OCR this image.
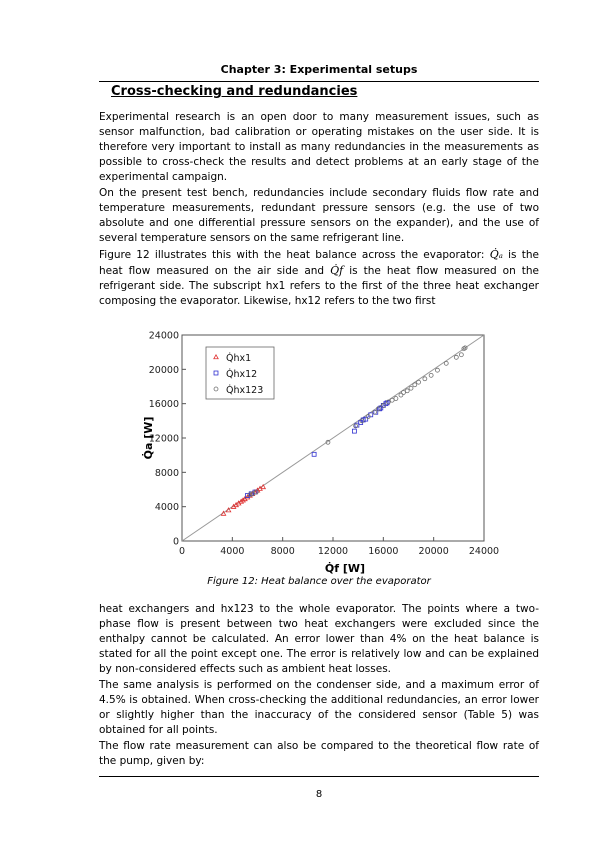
Chapter 3: Experimental setups
Cross-checking and redundancies
Experimental research is an open door to many measurement issues, such as sensor malfunction, bad calibration or operating mistakes on the user side. It is therefore very important to install as many redundancies in the measurements as possible to cross-check the results and detect problems at an early stage of the experimental campaign.
On the present test bench, redundancies include secondary fluids flow rate and temperature measurements, redundant pressure sensors (e.g. the use of two absolute and one differential pressure sensors on the expander), and the use of several temperature sensors on the same refrigerant line.
Figure 12 illustrates this with the heat balance across the evaporator: Q̇ₐ is the heat flow measured on the air side and Q̇f is the heat flow measured on the refrigerant side. The subscript hx1 refers to the first of the three heat exchanger composing the evaporator. Likewise, hx12 refers to the two first
0	4000	8000 12000 16000 20000 24000
0
4000
8000
12000
16000
20000
24000
Q̇hx1
Q̇hx12
Q̇hx123
Q̇f [W]
Q̇a [W]
Figure 12: Heat balance over the evaporator
heat exchangers and hx123 to the whole evaporator. The points where a two-phase flow is present between two heat exchangers were excluded since the enthalpy cannot be calculated. An error lower than 4% on the heat balance is stated for all the point except one. The error is relatively low and can be explained by non-considered effects such as ambient heat losses.
The same analysis is performed on the condenser side, and a maximum error of 4.5% is obtained. When cross-checking the additional redundancies, an error lower or slightly higher than the inaccuracy of the considered sensor (Table 5) was obtained for all points.
The flow rate measurement can also be compared to the theoretical flow rate of the pump, given by:
8
